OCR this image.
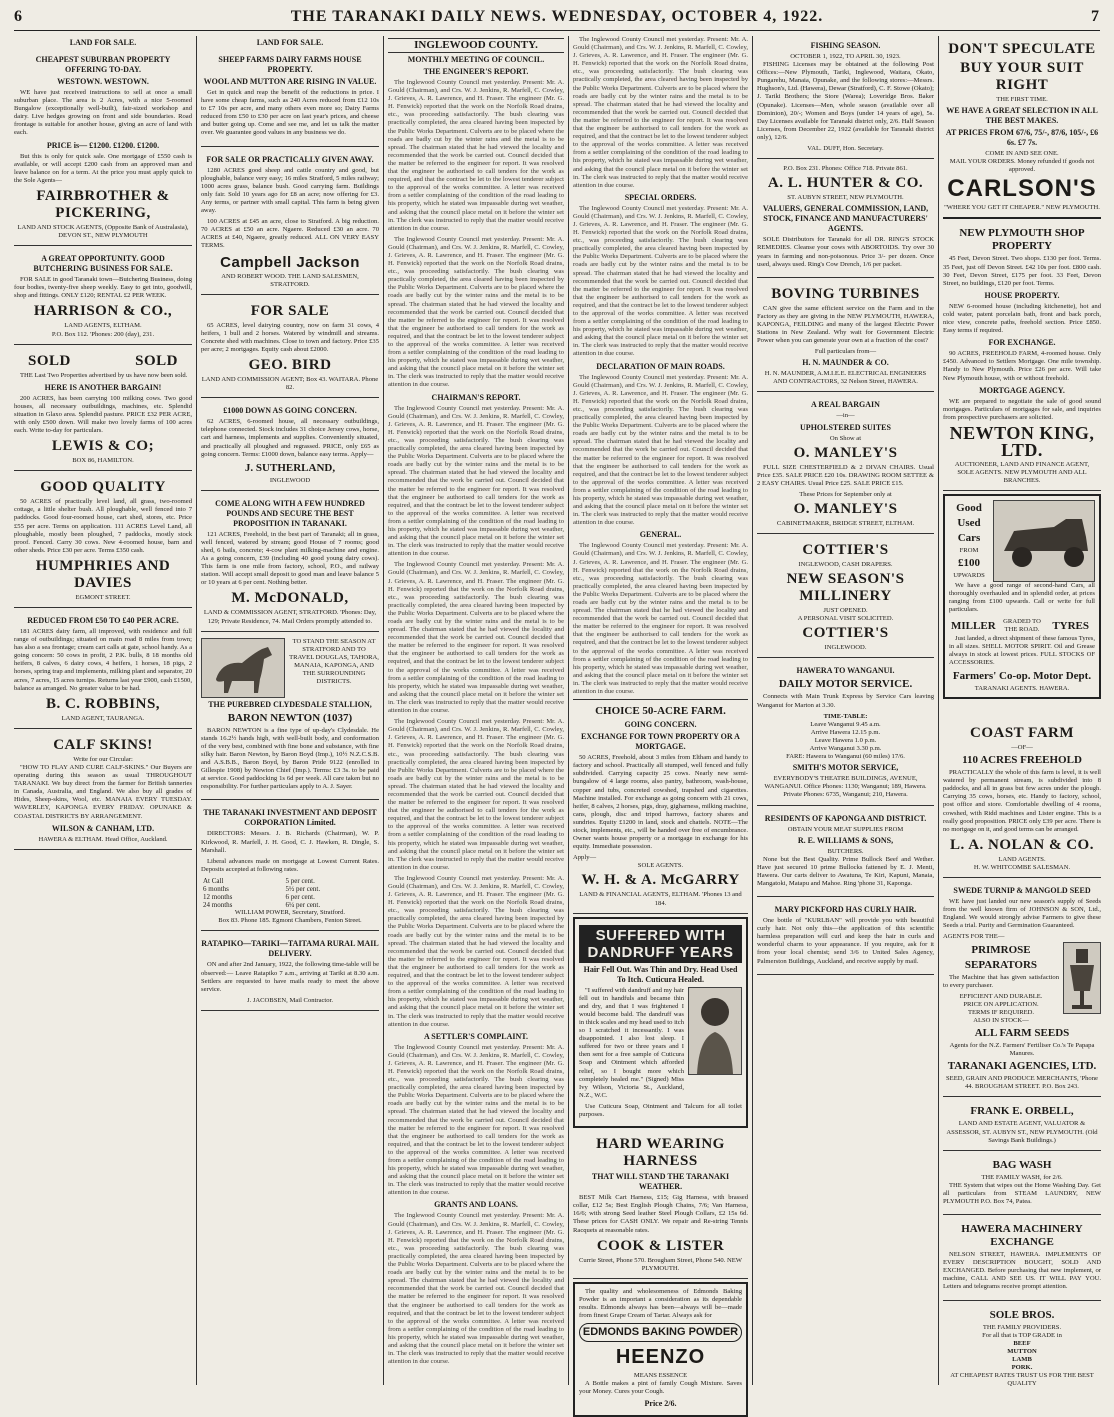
6	THE TARANAKI DAILY NEWS. WEDNESDAY, OCTOBER 4, 1922.	7
LAND FOR SALE.
CHEAPEST SUBURBAN PROPERTY OFFERING TO-DAY.
WESTOWN. WESTOWN.

WE have just received instructions to sell at once a small suburban place. The area is 2 Acres, with a nice 5-roomed Bungalow (exceptionally well-built), fair-sized workshop and dairy. Live hedges growing on front and side boundaries. Road frontage is suitable for another house, giving an acre of land with each.

PRICE is— £1200. £1200. £1200.

But this is only for quick sale. One mortgage of £550 cash is available, or will accept £200 cash from an approved man and leave balance on for a term. At the price you must apply quick to the Sole Agents—

FAIRBROTHER & PICKERING,
LAND AND STOCK AGENTS, (Opposite Bank of Australasia), DEVON ST., NEW PLYMOUTH
A GREAT OPPORTUNITY. GOOD BUTCHERING BUSINESS FOR SALE.

FOR SALE in good Taranaki town—Butchering Business, doing four bodies, twenty-five sheep weekly. Easy to get into, goodwill, shop and fittings. ONLY £120; RENTAL £2 PER WEEK.

HARRISON & CO.,
LAND AGENTS, ELTHAM.
P.O. Box 112. 'Phones: 200 (day), 231.
SOLD SOLD

THE Last Two Properties advertised by us have now been sold.

HERE IS ANOTHER BARGAIN!

200 ACRES, has been carrying 100 milking cows. Two good houses, all necessary outbuildings, machines, etc. Splendid situation in Glaxo area. Splendid pasture. PRICE £32 PER ACRE, with only £500 down. Will make two lovely farms of 100 acres each. Write to-day for particulars.

LEWIS & CO;
BOX 86, HAMILTON.
GOOD QUALITY

50 ACRES of practically level land, all grass, two-roomed cottage, a little shelter bush. All ploughable, well fenced into 7 paddocks. Good four-roomed house, cart shed, stores, etc. Price £55 per acre. Terms on application. 111 ACRES Level Land, all ploughable, mostly been ploughed, 7 paddocks, mostly stock proof. Fenced. Carry 30 cows. New 4-roomed house, barn and other sheds. Price £30 per acre. Terms £350 cash.

HUMPHRIES AND DAVIES
EGMONT STREET.
REDUCED FROM £50 TO £40 PER ACRE.

181 ACRES dairy farm, all improved, with residence and full range of outbuildings; situated on main road 8 miles from town; has also a sea frontage; cream cart calls at gate, school handy. As a going concern: 50 cows in profit, 2 P.K. bulls, 8 18 months old heifers, 8 calves, 6 dairy cows, 4 heifers, 1 horses, 18 pigs, 2 horses, spring trap and implements, milking plant and separator, 20 acres, 7 acres, 15 acres turnips. Returns last year £900, cash £1500, balance as arranged. No greater value to be had.

B. C. ROBBINS,
LAND AGENT, TAURANGA.
CALF SKINS!
Write for our Circular:

"HOW TO FLAY AND CURE CALF-SKINS." Our Buyers are operating during this season as usual THROUGHOUT TARANAKI. We buy direct from the farmer for British tanneries in Canada, Australia, and England. We also buy all grades of Hides, Sheep-skins, Wool, etc. MANAIA EVERY TUESDAY. WAVERLEY, KAPONGA EVERY FRIDAY. OPUNAKE & COASTAL DISTRICTS BY ARRANGEMENT.

WILSON & CANHAM, LTD.
HAWERA & ELTHAM. Head Office, Auckland.
LAND FOR SALE.
SHEEP FARMS DAIRY FARMS HOUSE PROPERTY.
WOOL AND MUTTON ARE RISING IN VALUE.

Get in quick and reap the benefit of the reductions in price. I have some cheap farms, such as 240 Acres reduced from £12 10s to £7 10s per acre, and many others even more so; Dairy Farms reduced from £50 to £30 per acre on last year's prices, and cheese and butter going up. Come and see me, and let us talk the matter over. We guarantee good values in any business we do.

FOR SALE OR PRACTICALLY GIVEN AWAY.

1280 ACRES good sheep and cattle country and good, but ploughable, balance very easy; 16 miles Stratford, 5 miles railway; 1000 acres grass, balance bush. Good carrying farm. Buildings only fair. Sold 10 years ago for £8 an acre; now offering for £3. Any terms, or partner with small capital. This farm is being given away.

100 ACRES at £45 an acre, close to Stratford. A big reduction. 70 ACRES at £50 an acre. Ngaere. Reduced £30 an acre. 70 ACRES at £40, Ngaere, greatly reduced. ALL ON VERY EASY TERMS.

Campbell Jackson
AND ROBERT WOOD. THE LAND SALESMEN, STRATFORD.
FOR SALE

65 ACRES, level dairying country, now on farm 31 cows, 4 heifers, 1 bull and 2 horses. Watered by windmill and streams. Concrete shed with machines. Close to town and factory. Price £35 per acre; 2 mortgages. Equity cash about £2000.

GEO. BIRD
LAND AND COMMISSION AGENT; Box 43. WAITARA. Phone 82.
£1000 DOWN AS GOING CONCERN.

62 ACRES, 6-roomed house, all necessary outbuildings, telephone connected. Stock includes 31 choice Jersey cows, horse, cart and harness, implements and supplies. Conveniently situated, and practically all ploughed and regrassed. PRICE, only £65 as going concern. Terms: £1000 down, balance easy terms. Apply—

J. SUTHERLAND,
INGLEWOOD
COME ALONG WITH A FEW HUNDRED POUNDS AND SECURE THE BEST PROPOSITION IN TARANAKI.

121 ACRES, Freehold, in the best part of Taranaki; all in grass, well fenced, watered by stream; good House of 7 rooms; good shed, 6 bails, concrete; 4-cow plant milking-machine and engine. As a going concern, £39 (including 40 good young dairy cows). This farm is one mile from factory, school, P.O., and railway station. Will accept small deposit to good man and leave balance 5 or 10 years at 6 per cent. Nothing better.

M. McDONALD,
LAND & COMMISSION AGENT, STRATFORD. 'Phones: Day, 129; Private Residence, 74. Mail Orders promptly attended to.
TO STAND THE SEASON AT STRATFORD AND TO TRAVEL DOUGLAS, TAHORA, MANAIA, KAPONGA, AND THE SURROUNDING DISTRICTS.
THE PUREBRED CLYDESDALE STALLION,
BARON NEWTON (1037)

BARON NEWTON is a fine type of up-day's Clydesdale. He stands 16.2½ hands high, with well-built body, and conformation of the very best, combined with fine bone and substance, with fine silky hair. Baron Newton, by Baron Boyd (Imp.), 10½ N.Z.C.S.B. and A.S.B.B., Baron Boyd, by Baron Pride 9122 (enrolled in Gillespie 1908) by Newton Chief (Imp.). Terms: £3 3s. to be paid at service. Good paddocking 1s 6d per week. All care taken but no responsibility. For further particulars apply to A. J. Sayer.

THE TARANAKI INVESTMENT AND DEPOSIT CORPORATION Limited.

DIRECTORS: Messrs. J. B. Richards (Chairman), W. P. Kirkwood, R. Marfell, J. H. Good, C. J. Hawken, R. Dingle, S. Marshall.

Liberal advances made on mortgage at Lowest Current Rates. Deposits accepted at following rates.

At Call	5 per cent.
6 months	5½ per cent.
12 months	6 per cent.
24 months	6¼ per cent.
WILLIAM POWER, Secretary, Stratford.
Box 83. Phone 185. Egmont Chambers, Fenton Street.
RATAPIKO—TARIKI—TAITAMA RURAL MAIL DELIVERY.

ON and after 2nd January, 1922, the following time-table will be observed:— Leave Ratapiko 7 a.m., arriving at Tariki at 8.30 a.m. Settlers are requested to have mails ready to meet the above service.

J. JACOBSEN, Mail Contractor.
INGLEWOOD COUNTY.
MONTHLY MEETING OF COUNCIL.
THE ENGINEER'S REPORT.

The Inglewood County Council met yesterday. Present: Mr. A. Gould (Chairman), and Crs. W. J. Jenkins, R. Marfell, C. Cowley, J. Grieves, A. R. Lawrence, and H. Fraser. The engineer (Mr. G. H. Fenwick) reported that the work on the Norfolk Road drains, etc., was proceeding satisfactorily. The bush clearing was practically completed, the area cleared having been inspected by the Public Works Department. Culverts are to be placed where the roads are badly cut by the winter rains and the metal is to be spread. The chairman stated that he had viewed the locality and recommended that the work be carried out. Council decided that the matter be referred to the engineer for report. It was resolved that the engineer be authorised to call tenders for the work as required, and that the contract be let to the lowest tenderer subject to the approval of the works committee. A letter was received from a settler complaining of the condition of the road leading to his property, which he stated was impassable during wet weather, and asking that the council place metal on it before the winter set in. The clerk was instructed to reply that the matter would receive attention in due course.

The Inglewood County Council met yesterday. Present: Mr. A. Gould (Chairman), and Crs. W. J. Jenkins, R. Marfell, C. Cowley, J. Grieves, A. R. Lawrence, and H. Fraser. The engineer (Mr. G. H. Fenwick) reported that the work on the Norfolk Road drains, etc., was proceeding satisfactorily. The bush clearing was practically completed, the area cleared having been inspected by the Public Works Department. Culverts are to be placed where the roads are badly cut by the winter rains and the metal is to be spread. The chairman stated that he had viewed the locality and recommended that the work be carried out. Council decided that the matter be referred to the engineer for report. It was resolved that the engineer be authorised to call tenders for the work as required, and that the contract be let to the lowest tenderer subject to the approval of the works committee. A letter was received from a settler complaining of the condition of the road leading to his property, which he stated was impassable during wet weather, and asking that the council place metal on it before the winter set in. The clerk was instructed to reply that the matter would receive attention in due course.

CHAIRMAN'S REPORT.

The Inglewood County Council met yesterday. Present: Mr. A. Gould (Chairman), and Crs. W. J. Jenkins, R. Marfell, C. Cowley, J. Grieves, A. R. Lawrence, and H. Fraser. The engineer (Mr. G. H. Fenwick) reported that the work on the Norfolk Road drains, etc., was proceeding satisfactorily. The bush clearing was practically completed, the area cleared having been inspected by the Public Works Department. Culverts are to be placed where the roads are badly cut by the winter rains and the metal is to be spread. The chairman stated that he had viewed the locality and recommended that the work be carried out. Council decided that the matter be referred to the engineer for report. It was resolved that the engineer be authorised to call tenders for the work as required, and that the contract be let to the lowest tenderer subject to the approval of the works committee. A letter was received from a settler complaining of the condition of the road leading to his property, which he stated was impassable during wet weather, and asking that the council place metal on it before the winter set in. The clerk was instructed to reply that the matter would receive attention in due course.

The Inglewood County Council met yesterday. Present: Mr. A. Gould (Chairman), and Crs. W. J. Jenkins, R. Marfell, C. Cowley, J. Grieves, A. R. Lawrence, and H. Fraser. The engineer (Mr. G. H. Fenwick) reported that the work on the Norfolk Road drains, etc., was proceeding satisfactorily. The bush clearing was practically completed, the area cleared having been inspected by the Public Works Department. Culverts are to be placed where the roads are badly cut by the winter rains and the metal is to be spread. The chairman stated that he had viewed the locality and recommended that the work be carried out. Council decided that the matter be referred to the engineer for report. It was resolved that the engineer be authorised to call tenders for the work as required, and that the contract be let to the lowest tenderer subject to the approval of the works committee. A letter was received from a settler complaining of the condition of the road leading to his property, which he stated was impassable during wet weather, and asking that the council place metal on it before the winter set in. The clerk was instructed to reply that the matter would receive attention in due course.

The Inglewood County Council met yesterday. Present: Mr. A. Gould (Chairman), and Crs. W. J. Jenkins, R. Marfell, C. Cowley, J. Grieves, A. R. Lawrence, and H. Fraser. The engineer (Mr. G. H. Fenwick) reported that the work on the Norfolk Road drains, etc., was proceeding satisfactorily. The bush clearing was practically completed, the area cleared having been inspected by the Public Works Department. Culverts are to be placed where the roads are badly cut by the winter rains and the metal is to be spread. The chairman stated that he had viewed the locality and recommended that the work be carried out. Council decided that the matter be referred to the engineer for report. It was resolved that the engineer be authorised to call tenders for the work as required, and that the contract be let to the lowest tenderer subject to the approval of the works committee. A letter was received from a settler complaining of the condition of the road leading to his property, which he stated was impassable during wet weather, and asking that the council place metal on it before the winter set in. The clerk was instructed to reply that the matter would receive attention in due course.

The Inglewood County Council met yesterday. Present: Mr. A. Gould (Chairman), and Crs. W. J. Jenkins, R. Marfell, C. Cowley, J. Grieves, A. R. Lawrence, and H. Fraser. The engineer (Mr. G. H. Fenwick) reported that the work on the Norfolk Road drains, etc., was proceeding satisfactorily. The bush clearing was practically completed, the area cleared having been inspected by the Public Works Department. Culverts are to be placed where the roads are badly cut by the winter rains and the metal is to be spread. The chairman stated that he had viewed the locality and recommended that the work be carried out. Council decided that the matter be referred to the engineer for report. It was resolved that the engineer be authorised to call tenders for the work as required, and that the contract be let to the lowest tenderer subject to the approval of the works committee. A letter was received from a settler complaining of the condition of the road leading to his property, which he stated was impassable during wet weather, and asking that the council place metal on it before the winter set in. The clerk was instructed to reply that the matter would receive attention in due course.

A SETTLER'S COMPLAINT.

The Inglewood County Council met yesterday. Present: Mr. A. Gould (Chairman), and Crs. W. J. Jenkins, R. Marfell, C. Cowley, J. Grieves, A. R. Lawrence, and H. Fraser. The engineer (Mr. G. H. Fenwick) reported that the work on the Norfolk Road drains, etc., was proceeding satisfactorily. The bush clearing was practically completed, the area cleared having been inspected by the Public Works Department. Culverts are to be placed where the roads are badly cut by the winter rains and the metal is to be spread. The chairman stated that he had viewed the locality and recommended that the work be carried out. Council decided that the matter be referred to the engineer for report. It was resolved that the engineer be authorised to call tenders for the work as required, and that the contract be let to the lowest tenderer subject to the approval of the works committee. A letter was received from a settler complaining of the condition of the road leading to his property, which he stated was impassable during wet weather, and asking that the council place metal on it before the winter set in. The clerk was instructed to reply that the matter would receive attention in due course.

GRANTS AND LOANS.

The Inglewood County Council met yesterday. Present: Mr. A. Gould (Chairman), and Crs. W. J. Jenkins, R. Marfell, C. Cowley, J. Grieves, A. R. Lawrence, and H. Fraser. The engineer (Mr. G. H. Fenwick) reported that the work on the Norfolk Road drains, etc., was proceeding satisfactorily. The bush clearing was practically completed, the area cleared having been inspected by the Public Works Department. Culverts are to be placed where the roads are badly cut by the winter rains and the metal is to be spread. The chairman stated that he had viewed the locality and recommended that the work be carried out. Council decided that the matter be referred to the engineer for report. It was resolved that the engineer be authorised to call tenders for the work as required, and that the contract be let to the lowest tenderer subject to the approval of the works committee. A letter was received from a settler complaining of the condition of the road leading to his property, which he stated was impassable during wet weather, and asking that the council place metal on it before the winter set in. The clerk was instructed to reply that the matter would receive attention in due course.

The Inglewood County Council met yesterday. Present: Mr. A. Gould (Chairman), and Crs. W. J. Jenkins, R. Marfell, C. Cowley, J. Grieves, A. R. Lawrence, and H. Fraser. The engineer (Mr. G. H. Fenwick) reported that the work on the Norfolk Road drains, etc., was proceeding satisfactorily. The bush clearing was practically completed, the area cleared having been inspected by the Public Works Department. Culverts are to be placed where the roads are badly cut by the winter rains and the metal is to be spread. The chairman stated that he had viewed the locality and recommended that the work be carried out. Council decided that the matter be referred to the engineer for report. It was resolved that the engineer be authorised to call tenders for the work as required, and that the contract be let to the lowest tenderer subject to the approval of the works committee. A letter was received from a settler complaining of the condition of the road leading to his property, which he stated was impassable during wet weather, and asking that the council place metal on it before the winter set in. The clerk was instructed to reply that the matter would receive attention in due course.

SPECIAL ORDERS.

The Inglewood County Council met yesterday. Present: Mr. A. Gould (Chairman), and Crs. W. J. Jenkins, R. Marfell, C. Cowley, J. Grieves, A. R. Lawrence, and H. Fraser. The engineer (Mr. G. H. Fenwick) reported that the work on the Norfolk Road drains, etc., was proceeding satisfactorily. The bush clearing was practically completed, the area cleared having been inspected by the Public Works Department. Culverts are to be placed where the roads are badly cut by the winter rains and the metal is to be spread. The chairman stated that he had viewed the locality and recommended that the work be carried out. Council decided that the matter be referred to the engineer for report. It was resolved that the engineer be authorised to call tenders for the work as required, and that the contract be let to the lowest tenderer subject to the approval of the works committee. A letter was received from a settler complaining of the condition of the road leading to his property, which he stated was impassable during wet weather, and asking that the council place metal on it before the winter set in. The clerk was instructed to reply that the matter would receive attention in due course.

DECLARATION OF MAIN ROADS.

The Inglewood County Council met yesterday. Present: Mr. A. Gould (Chairman), and Crs. W. J. Jenkins, R. Marfell, C. Cowley, J. Grieves, A. R. Lawrence, and H. Fraser. The engineer (Mr. G. H. Fenwick) reported that the work on the Norfolk Road drains, etc., was proceeding satisfactorily. The bush clearing was practically completed, the area cleared having been inspected by the Public Works Department. Culverts are to be placed where the roads are badly cut by the winter rains and the metal is to be spread. The chairman stated that he had viewed the locality and recommended that the work be carried out. Council decided that the matter be referred to the engineer for report. It was resolved that the engineer be authorised to call tenders for the work as required, and that the contract be let to the lowest tenderer subject to the approval of the works committee. A letter was received from a settler complaining of the condition of the road leading to his property, which he stated was impassable during wet weather, and asking that the council place metal on it before the winter set in. The clerk was instructed to reply that the matter would receive attention in due course.

GENERAL.

The Inglewood County Council met yesterday. Present: Mr. A. Gould (Chairman), and Crs. W. J. Jenkins, R. Marfell, C. Cowley, J. Grieves, A. R. Lawrence, and H. Fraser. The engineer (Mr. G. H. Fenwick) reported that the work on the Norfolk Road drains, etc., was proceeding satisfactorily. The bush clearing was practically completed, the area cleared having been inspected by the Public Works Department. Culverts are to be placed where the roads are badly cut by the winter rains and the metal is to be spread. The chairman stated that he had viewed the locality and recommended that the work be carried out. Council decided that the matter be referred to the engineer for report. It was resolved that the engineer be authorised to call tenders for the work as required, and that the contract be let to the lowest tenderer subject to the approval of the works committee. A letter was received from a settler complaining of the condition of the road leading to his property, which he stated was impassable during wet weather, and asking that the council place metal on it before the winter set in. The clerk was instructed to reply that the matter would receive attention in due course.

CHOICE 50-ACRE FARM.
GOING CONCERN.
EXCHANGE FOR TOWN PROPERTY OR A MORTGAGE.

50 ACRES, Freehold, about 3 miles from Eltham and handy to factory and school. Practically all stumped, well fenced and fully subdivided. Carrying capacity 25 cows. Nearly new semi-bungalow of 4 large rooms, also pantry, bathroom, wash-house, copper and tubs, concreted cowshed, trapshed and cigarettes. Machine installed. For exchange as going concern with 21 cows, heifer, 8 calves, 2 horses, pigs, dray, gigharness, milking machine, cans, plough, disc and tripod harrows, factory shares and sundries. Equity £1200 in land, stock and chattels. NOTE—The stock, implements, etc., will be handed over free of encumbrance. Owner wants house property or a mortgage in exchange for his equity. Immediate possession.

Apply—
SOLE AGENTS.
W. H. & A. McGARRY
LAND & FINANCIAL AGENTS, ELTHAM. 'Phones 13 and 184.
SUFFERED WITH DANDRUFF YEARS
Hair Fell Out. Was Thin and Dry. Head Used To Itch. Cuticura Healed.

"I suffered with dandruff and my hair fell out in handfuls and became thin and dry, and that I was frightened I would become bald. The dandruff was in thick scales and my head used to itch so I scratched it incessantly. I was disappointed. I also lost sleep. I suffered for two or three years and I then sent for a free sample of Cuticura Soap and Ointment which afforded relief, so I bought more which completely healed me." (Signed) Miss Ivy Wilson, Victoria St., Auckland, N.Z., W.C.

Use Cuticura Soap, Ointment and Talcum for all toilet purposes.

HARD WEARING HARNESS
THAT WILL STAND THE TARANAKI WEATHER.

BEST Milk Cart Harness, £15; Gig Harness, with brassed collar, £12 5s; Best English Plough Chains, 7/6; Van Harness, 16/6; with strong Seed leather Steel Plough Collars, £2 15s 6d. These prices for CASH ONLY. We repair and Re-string Tennis Racquets at reasonable rates.

COOK & LISTER
Currie Street, Phone 570. Brougham Street, Phone 540. NEW PLYMOUTH.

The quality and wholesomeness of Edmonds Baking Powder is an important a consideration as its dependable results. Edmonds always has been—always will be—made from finest Grape Cream of Tartar. Always ask for

EDMONDS BAKING POWDER
HEENZO
MEANS ESSENCE

A Bottle makes a pint of family Cough Mixture. Saves your Money. Cures your Cough.

Price 2/6.
FISHING SEASON.
OCTOBER 1, 1922, TO APRIL 30, 1923.

FISHING Licenses may be obtained at the following Post Offices:—New Plymouth, Tariki, Inglewood, Waitara, Okato, Pungarehu, Manaia, Opunake, and the following stores:—Messrs. Hughson's, Ltd. (Hawera), Dewar (Stratford), C. F. Stowe (Okato); J. Tariki Brothers; the Store (Warea); Loveridge Bros. Baker (Opunake). Licenses—Men, whole season (available over all Dominion), 20/-; Women and Boys (under 14 years of age), 5s. Day Licenses available for Taranaki district only, 2/6. Half Season Licenses, from December 22, 1922 (available for Taranaki district only), 12/6.

VAL. DUFF, Hon. Secretary.
P.O. Box 231. Phones: Office 718. Private 861.
A. L. HUNTER & CO.
ST. AUBYN STREET, NEW PLYMOUTH.
VALUERS, GENERAL COMMISSION, LAND, STOCK, FINANCE AND MANUFACTURERS' AGENTS.

SOLE Distributors for Taranaki for all DR. RING'S STOCK REMEDIES. Cleanse your cows with ABORTOIDS. Try over 30 years in farming and non-poisonous. Price 3/- per dozen. Once used, always used. Ring's Cow Drench, 1/6 per packet.

BOVING TURBINES

CAN give the same efficient service on the Farm and in the Factory as they are giving in the NEW PLYMOUTH, HAWERA, KAPONGA, FEILDING and many of the largest Electric Power Stations in New Zealand. Why wait for Government Electric Power when you can generate your own at a fraction of the cost?

Full particulars from—
H. N. MAUNDER & CO.
H. N. MAUNDER, A.M.I.E.E. ELECTRICAL ENGINEERS AND CONTRACTORS, 32 Nelson Street, HAWERA.
A REAL BARGAIN
—in—
UPHOLSTERED SUITES
On Show at
O. MANLEY'S

FULL SIZE CHESTERFIELD & 2 DIVAN CHAIRS. Usual Price £35. SALE PRICE £20 10s. DRAWING ROOM SETTEE & 2 EASY CHAIRS. Usual Price £25. SALE PRICE £15.

These Prices for September only at
O. MANLEY'S
CABINETMAKER, BRIDGE STREET, ELTHAM.
COTTIER'S
INGLEWOOD, CASH DRAPERS.
NEW SEASON'S MILLINERY
JUST OPENED.
A PERSONAL VISIT SOLICITED.
COTTIER'S
INGLEWOOD.
HAWERA TO WANGANUI.
DAILY MOTOR SERVICE.

Connects with Main Trunk Express by Service Cars leaving Wanganui for Marton at 3.30.

TIME-TABLE:
Leave Wanganui 9.45 a.m.
Arrive Hawera 12.15 p.m.
Leave Hawera 1.0 p.m.
Arrive Wanganui 3.30 p.m.
FARE: Hawera to Wanganui (60 miles) 17/6.
SMITH'S MOTOR SERVICE,
EVERYBODY'S THEATRE BUILDINGS, AVENUE, WANGANUI. Office Phones: 1130; Wanganui; 189, Hawera. Private Phones: 6735, Wanganui; 210, Hawera.
RESIDENTS OF KAPONGA AND DISTRICT.
OBTAIN YOUR MEAT SUPPLIES FROM
R. E. WILLIAMS & SONS,
BUTCHERS.

None but the Best Quality. Prime Bullock Beef and Wether. Have just secured 10 prime Bullocks fattened by E. J. Menti, Hawera. Our carts deliver to Awatuna, Te Kiri, Kapuni, Manaia, Mangatoki, Matapu and Mahoe. Ring 'phone 31, Kaponga.

MARY PICKFORD HAS CURLY HAIR.

One bottle of "KURLBAN" will provide you with beautiful curly hair. Not only this—the application of this scientific harmless preparation will curl and keep the hair in curls and wonderful charm to your appearance. If you require, ask for it from your local chemist; send 3/6 to United Sales Agency, Palmerston Buildings, Auckland, and receive supply by mail.

DON'T SPECULATE
BUY YOUR SUIT RIGHT
THE FIRST TIME.
WE HAVE A GREAT SELECTION IN ALL THE BEST MAKES.
AT PRICES FROM 67/6, 75/-, 87/6, 105/-, £6 6s. £7 7s.
COME IN AND SEE ONE.
MAIL YOUR ORDERS. Money refunded if goods not approved.
CARLSON'S
"WHERE YOU GET IT CHEAPER." NEW PLYMOUTH.
NEW PLYMOUTH SHOP PROPERTY

45 Feet, Devon Street. Two shops. £130 per foot. Terms. 35 Feet, just off Devon Street. £42 10s per foot. £800 cash. 30 Feet, Devon Street, £175 per foot. 33 Feet, Devon Street, no buildings, £120 per foot. Terms.

HOUSE PROPERTY.

NEW 6-roomed house (including kitchenette), hot and cold water, patent porcelain bath, front and back porch, nice view, concrete paths, freehold section. Price £850. Easy terms if required.

FOR EXCHANGE.

90 ACRES, FREEHOLD FARM, 4-roomed house. Only £450. Advanced to Settlers Mortgage. One mile township. Handy to New Plymouth. Price £26 per acre. Will take New Plymouth house, with or without freehold.

MORTGAGE AGENCY.

WE are prepared to negotiate the sale of good sound mortgages. Particulars of mortgages for sale, and inquiries from prospective purchasers are solicited.

NEWTON KING, LTD.
AUCTIONEER, LAND AND FINANCE AGENT,
SOLE AGENTS. NEW PLYMOUTH AND ALL BRANCHES.
Good
Used
Cars
FROM
£100
UPWARDS

We have a good range of second-hand Cars, all thoroughly overhauled and in splendid order, at prices ranging from £100 upwards. Call or write for full particulars.

MILLER	GRADED TO THE ROAD.	TYRES

Just landed, a direct shipment of these famous Tyres, in all sizes. SHELL MOTOR SPIRIT. Oil and Grease always in stock at lowest prices. FULL STOCKS OF ACCESSORIES.

Farmers' Co-op. Motor Dept.
TARANAKI AGENTS. HAWERA.
COAST FARM
—OF—
110 ACRES FREEHOLD

PRACTICALLY the whole of this farm is level, it is well watered by permanent stream, is subdivided into 8 paddocks, and all in grass but few acres under the plough. Carrying 35 cows, horses, etc. Handy to factory, school, post office and store. Comfortable dwelling of 4 rooms, cowshed, with Ridd machines and Lister engine. This is a really good proposition. PRICE only £39 per acre. There is no mortgage on it, and good terms can be arranged.

L. A. NOLAN & CO.
LAND AGENTS.
H. W. WHITCOMBE SALESMAN.
SWEDE TURNIP & MANGOLD SEED

WE have just landed our new season's supply of Seeds from the well known firm of JOHNSON & SON, Ltd., England. We would strongly advise Farmers to give these Seeds a trial. Purity and Germination Guaranteed.

AGENTS FOR THE—
PRIMROSE
SEPARATORS

The Machine that has given satisfaction to every purchaser.

EFFICIENT AND DURABLE.
PRICE ON APPLICATION.
TERMS IF REQUIRED.
ALSO IN STOCK—
ALL FARM SEEDS
Agents for the N.Z. Farmers' Fertiliser Co.'s Te Papapa Manures.
TARANAKI AGENCIES, LTD.
SEED, GRAIN AND PRODUCE MERCHANTS, 'Phone 44. BROUGHAM STREET. P.O. Box 243.
FRANK E. ORBELL,
LAND AND ESTATE AGENT, VALUATOR & ASSESSOR, ST. AUBYN ST., NEW PLYMOUTH. (Old Savings Bank Buildings.)
BAG WASH
THE FAMILY WASH, for 2/6.

THE System that wipes out the Home Washing Day. Get all particulars from STEAM LAUNDRY, NEW PLYMOUTH P.O. Box 74, Patea.

HAWERA MACHINERY EXCHANGE

NELSON STREET, HAWERA. IMPLEMENTS OF EVERY DESCRIPTION BOUGHT, SOLD AND EXCHANGED. Before purchasing that new implement, or machine, CALL AND SEE US. IT WILL PAY YOU. Letters and telegrams receive prompt attention.

SOLE BROS.
THE FAMILY PROVIDERS.
For all that is TOP GRADE in
BEEF
MUTTON
LAMB
PORK.
AT CHEAPEST RATES TRUST US FOR THE BEST QUALITY
